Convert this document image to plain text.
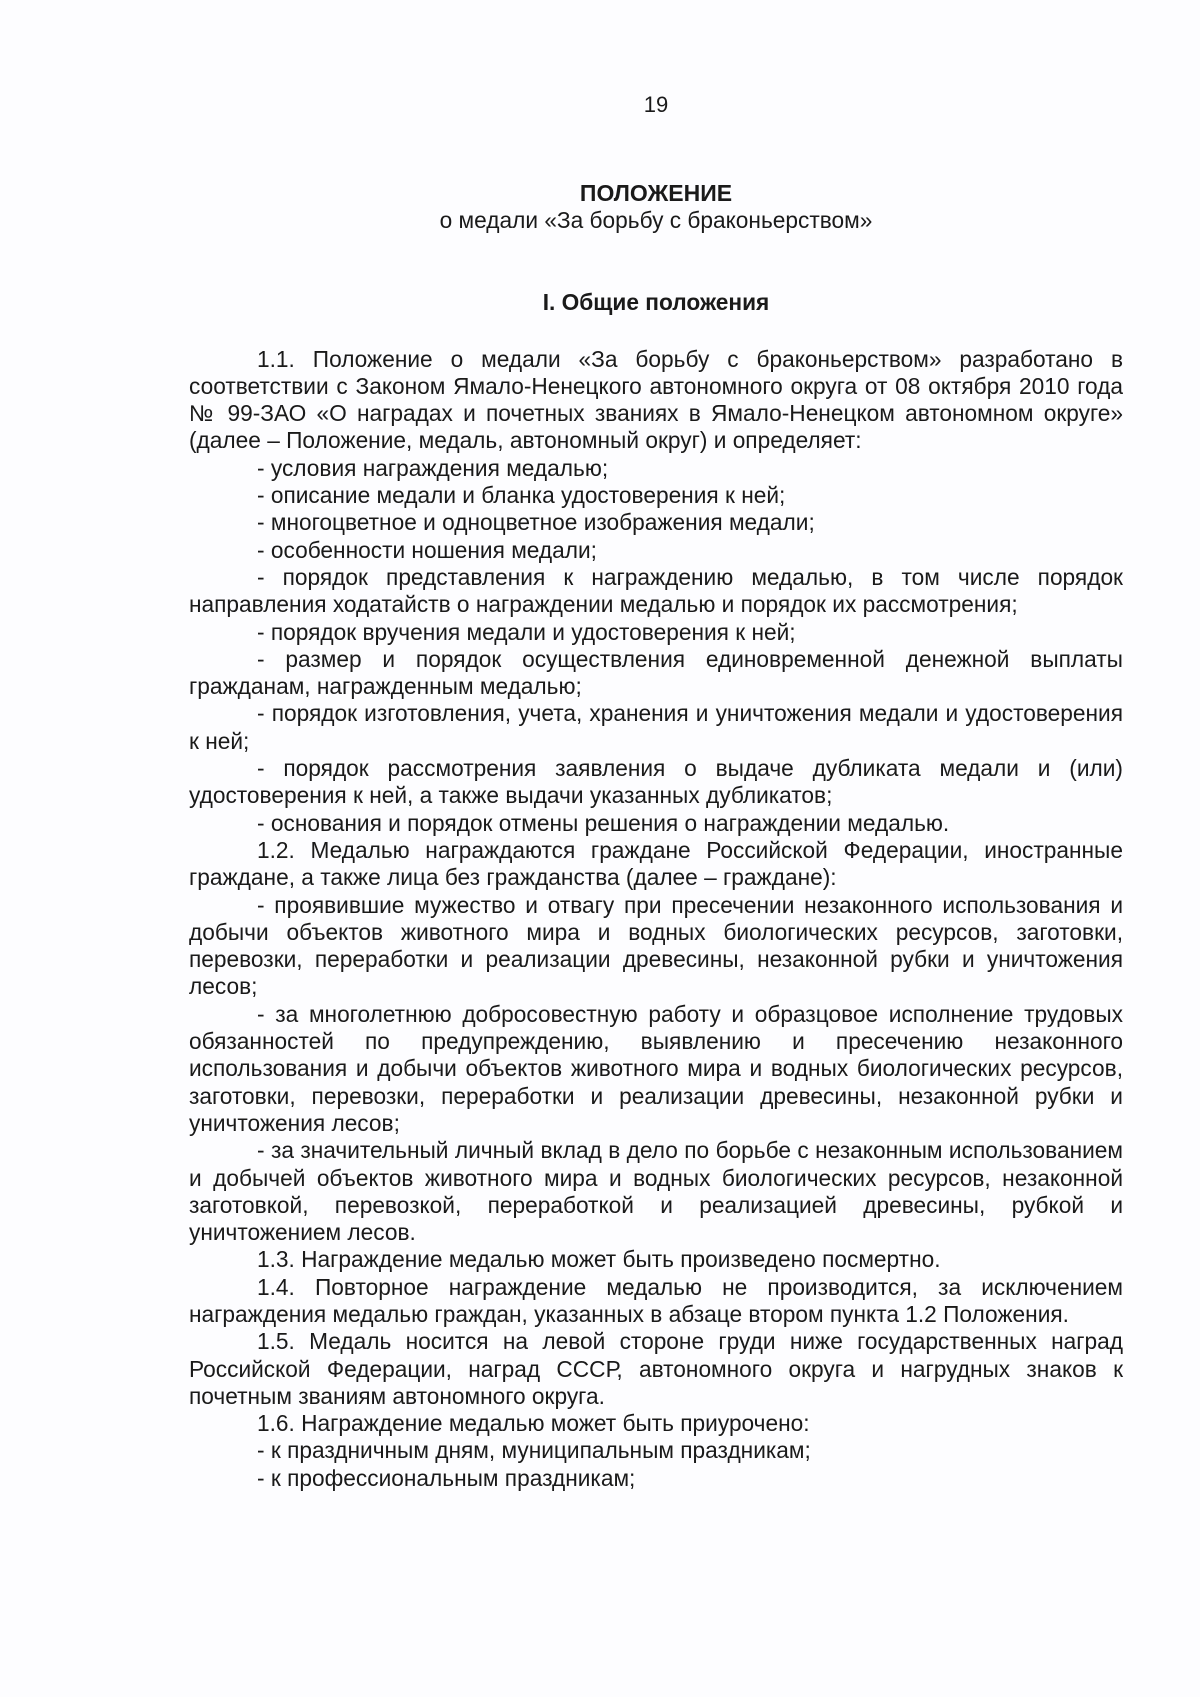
19

ПОЛОЖЕНИЕ

о медали «За борьбу с браконьерством»

I. Общие положения

1.1. Положение о медали «За борьбу с браконьерством» разработано в соответствии с Законом Ямало-Ненецкого автономного округа от 08 октября 2010 года № 99-ЗАО «О наградах и почетных званиях в Ямало-Ненецком автономном округе» (далее – Положение, медаль, автономный округ) и определяет:

- условия награждения медалью;

- описание медали и бланка удостоверения к ней;

- многоцветное и одноцветное изображения медали;

- особенности ношения медали;

- порядок представления к награждению медалью, в том числе порядок направления ходатайств о награждении медалью и порядок их рассмотрения;

- порядок вручения медали и удостоверения к ней;

- размер и порядок осуществления единовременной денежной выплаты гражданам, награжденным медалью;

- порядок изготовления, учета, хранения и уничтожения медали и удостоверения к ней;

- порядок рассмотрения заявления о выдаче дубликата медали и (или) удостоверения к ней, а также выдачи указанных дубликатов;

- основания и порядок отмены решения о награждении медалью.

1.2. Медалью награждаются граждане Российской Федерации, иностранные граждане, а также лица без гражданства (далее – граждане):

- проявившие мужество и отвагу при пресечении незаконного использования и добычи объектов животного мира и водных биологических ресурсов, заготовки, перевозки, переработки и реализации древесины, незаконной рубки и уничтожения лесов;

- за многолетнюю добросовестную работу и образцовое исполнение трудовых обязанностей по предупреждению, выявлению и пресечению незаконного использования и добычи объектов животного мира и водных биологических ресурсов, заготовки, перевозки, переработки и реализации древесины, незаконной рубки и уничтожения лесов;

- за значительный личный вклад в дело по борьбе с незаконным использованием и добычей объектов животного мира и водных биологических ресурсов, незаконной заготовкой, перевозкой, переработкой и реализацией древесины, рубкой и уничтожением лесов.

1.3. Награждение медалью может быть произведено посмертно.

1.4. Повторное награждение медалью не производится, за исключением награждения медалью граждан, указанных в абзаце втором пункта 1.2 Положения.

1.5. Медаль носится на левой стороне груди ниже государственных наград Российской Федерации, наград СССР, автономного округа и нагрудных знаков к почетным званиям автономного округа.

1.6. Награждение медалью может быть приурочено:

- к праздничным дням, муниципальным праздникам;

- к профессиональным праздникам;
